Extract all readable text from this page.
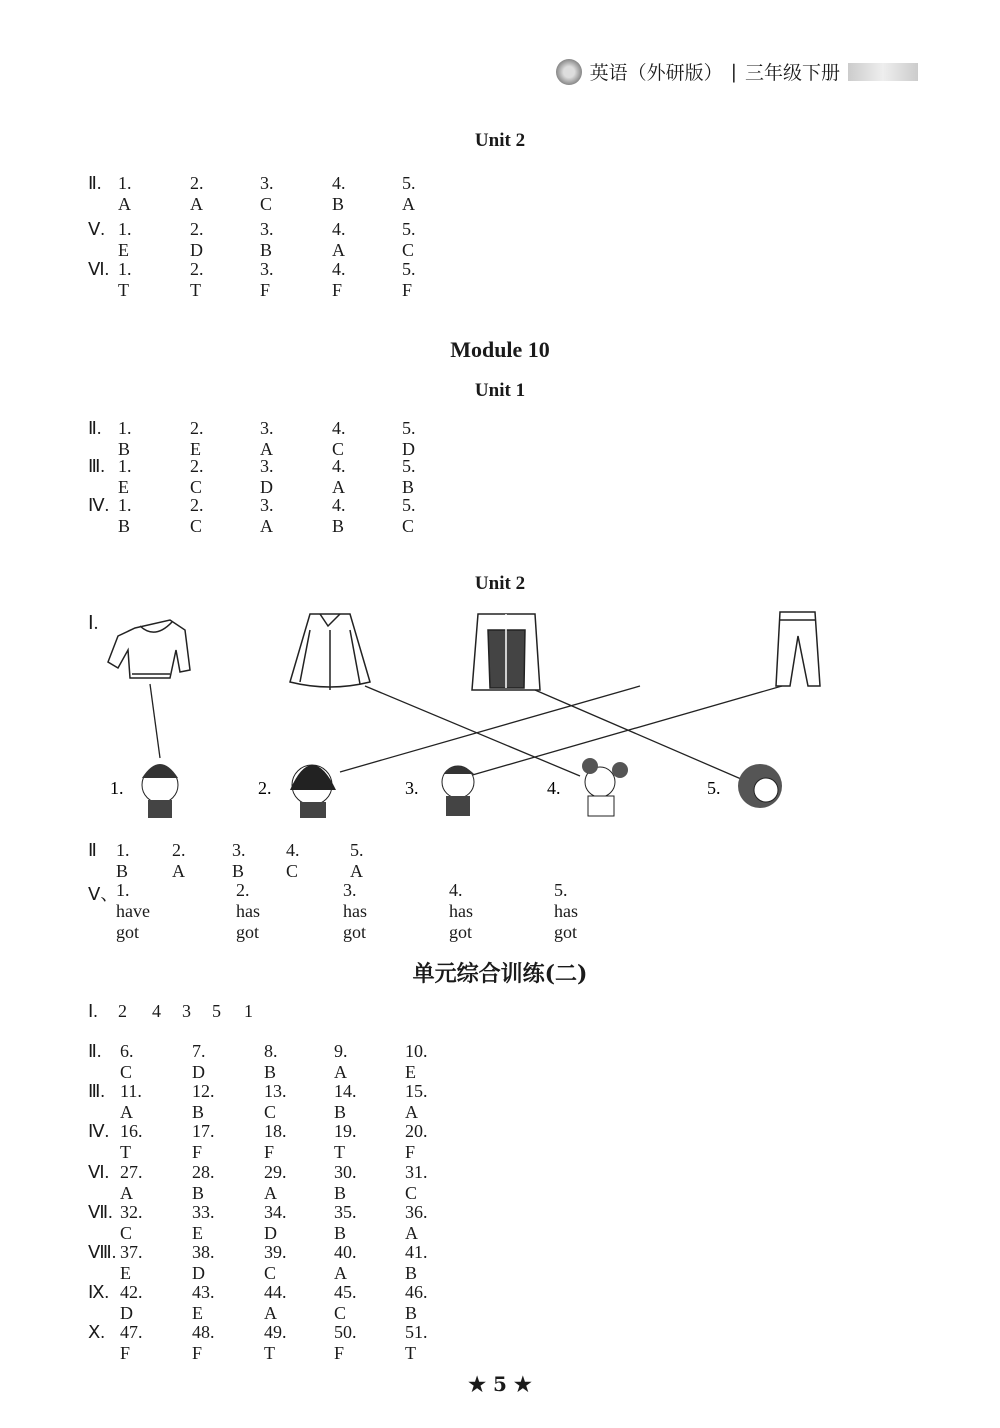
英语（外研版） | 三年级下册
Unit 2
Ⅱ. 1. A
2. A
3. C
4. B
5. A
Ⅴ. 1. E
2. D
3. B
4. A
5. C
Ⅵ. 1. T
2. T
3. F
4. F
5. F
Module 10
Unit 1
Ⅱ. 1. B
2. E
3. A
4. C
5. D
Ⅲ. 1. E
2. C
3. D
4. A
5. B
Ⅳ. 1. B
2. C
3. A
4. B
5. C
Unit 2
Ⅰ.
1.	2.	3.	4.	5.
Ⅱ	1. B
2. A
3. B
4. C
5. A
Ⅴ、
1. have got
2. has got
3. has got
4. has got
5. has got
单元综合训练(二)
Ⅰ.	2 4 3 5 1
Ⅱ.	6. C
7. D
8. B
9. A
10. E
Ⅲ. 11. A
12. B
13. C
14. B
15. A
Ⅳ. 16. T
17. F
18. F
19. T
20. F
Ⅵ. 27. A
28. B
29. A
30. B
31. C
Ⅶ. 32. C
33. E
34. D
35. B
36. A
Ⅷ. 37. E
38. D
39. C
40. A
41. B
Ⅸ. 42. D
43. E
44. A
45. C
46. B
Ⅹ. 47. F
48. F
49. T
50. F
51. T
★ 5 ★
